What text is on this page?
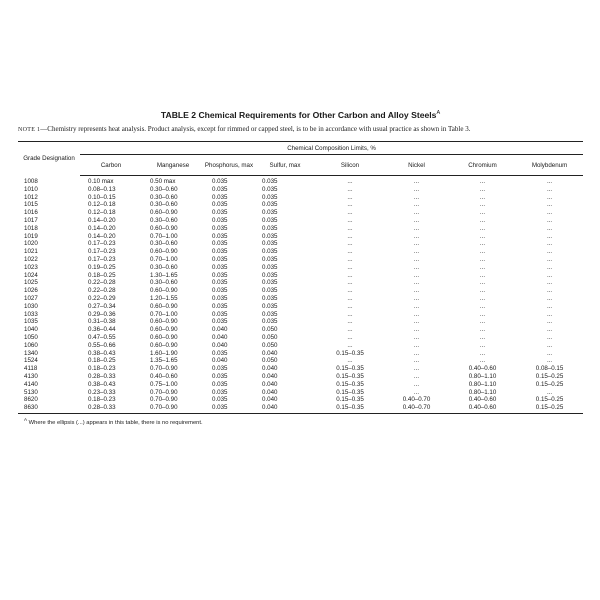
TABLE 2 Chemical Requirements for Other Carbon and Alloy Steels$^A$
NOTE 1—Chemistry represents heat analysis. Product analysis, except for rimmed or capped steel, is to be in accordance with usual practice as shown in Table 3.
Grade Designation	Chemical Composition Limits, %							
	Carbon	Manganese	Phosphorus, max	Sulfur, max	Silicon	Nickel	Chromium	Molybdenum
1008	0.10 max	0.50 max	0.035	0.035	...	...	...	...
1010	0.08–0.13	0.30–0.60	0.035	0.035	...	...	...	...
1012	0.10–0.15	0.30–0.60	0.035	0.035	...	...	...	...
1015	0.12–0.18	0.30–0.60	0.035	0.035	...	...	...	...
1016	0.12–0.18	0.60–0.90	0.035	0.035	...	...	...	...
1017	0.14–0.20	0.30–0.60	0.035	0.035	...	...	...	...
1018	0.14–0.20	0.60–0.90	0.035	0.035	...	...	...	...
1019	0.14–0.20	0.70–1.00	0.035	0.035	...	...	...	...
1020	0.17–0.23	0.30–0.60	0.035	0.035	...	...	...	...
1021	0.17–0.23	0.60–0.90	0.035	0.035	...	...	...	...
1022	0.17–0.23	0.70–1.00	0.035	0.035	...	...	...	...
1023	0.19–0.25	0.30–0.60	0.035	0.035	...	...	...	...
1024	0.18–0.25	1.30–1.65	0.035	0.035	...	...	...	...
1025	0.22–0.28	0.30–0.60	0.035	0.035	...	...	...	...
1026	0.22–0.28	0.60–0.90	0.035	0.035	...	...	...	...
1027	0.22–0.29	1.20–1.55	0.035	0.035	...	...	...	...
1030	0.27–0.34	0.60–0.90	0.035	0.035	...	...	...	...
1033	0.29–0.36	0.70–1.00	0.035	0.035	...	...	...	...
1035	0.31–0.38	0.60–0.90	0.035	0.035	...	...	...	...
1040	0.36–0.44	0.60–0.90	0.040	0.050	...	...	...	...
1050	0.47–0.55	0.60–0.90	0.040	0.050	...	...	...	...
1060	0.55–0.66	0.60–0.90	0.040	0.050	...	...	...	...
1340	0.38–0.43	1.60–1.90	0.035	0.040	0.15–0.35	...	...	...
1524	0.18–0.25	1.35–1.65	0.040	0.050	...	...	...	...
4118	0.18–0.23	0.70–0.90	0.035	0.040	0.15–0.35	...	0.40–0.60	0.08–0.15
4130	0.28–0.33	0.40–0.60	0.035	0.040	0.15–0.35	...	0.80–1.10	0.15–0.25
4140	0.38–0.43	0.75–1.00	0.035	0.040	0.15–0.35	...	0.80–1.10	0.15–0.25
5130	0.23–0.33	0.70–0.90	0.035	0.040	0.15–0.35	...	0.80–1.10	...
8620	0.18–0.23	0.70–0.90	0.035	0.040	0.15–0.35	0.40–0.70	0.40–0.60	0.15–0.25
8630	0.28–0.33	0.70–0.90	0.035	0.040	0.15–0.35	0.40–0.70	0.40–0.60	0.15–0.25
$^A$ Where the ellipsis (...) appears in this table, there is no requirement.
